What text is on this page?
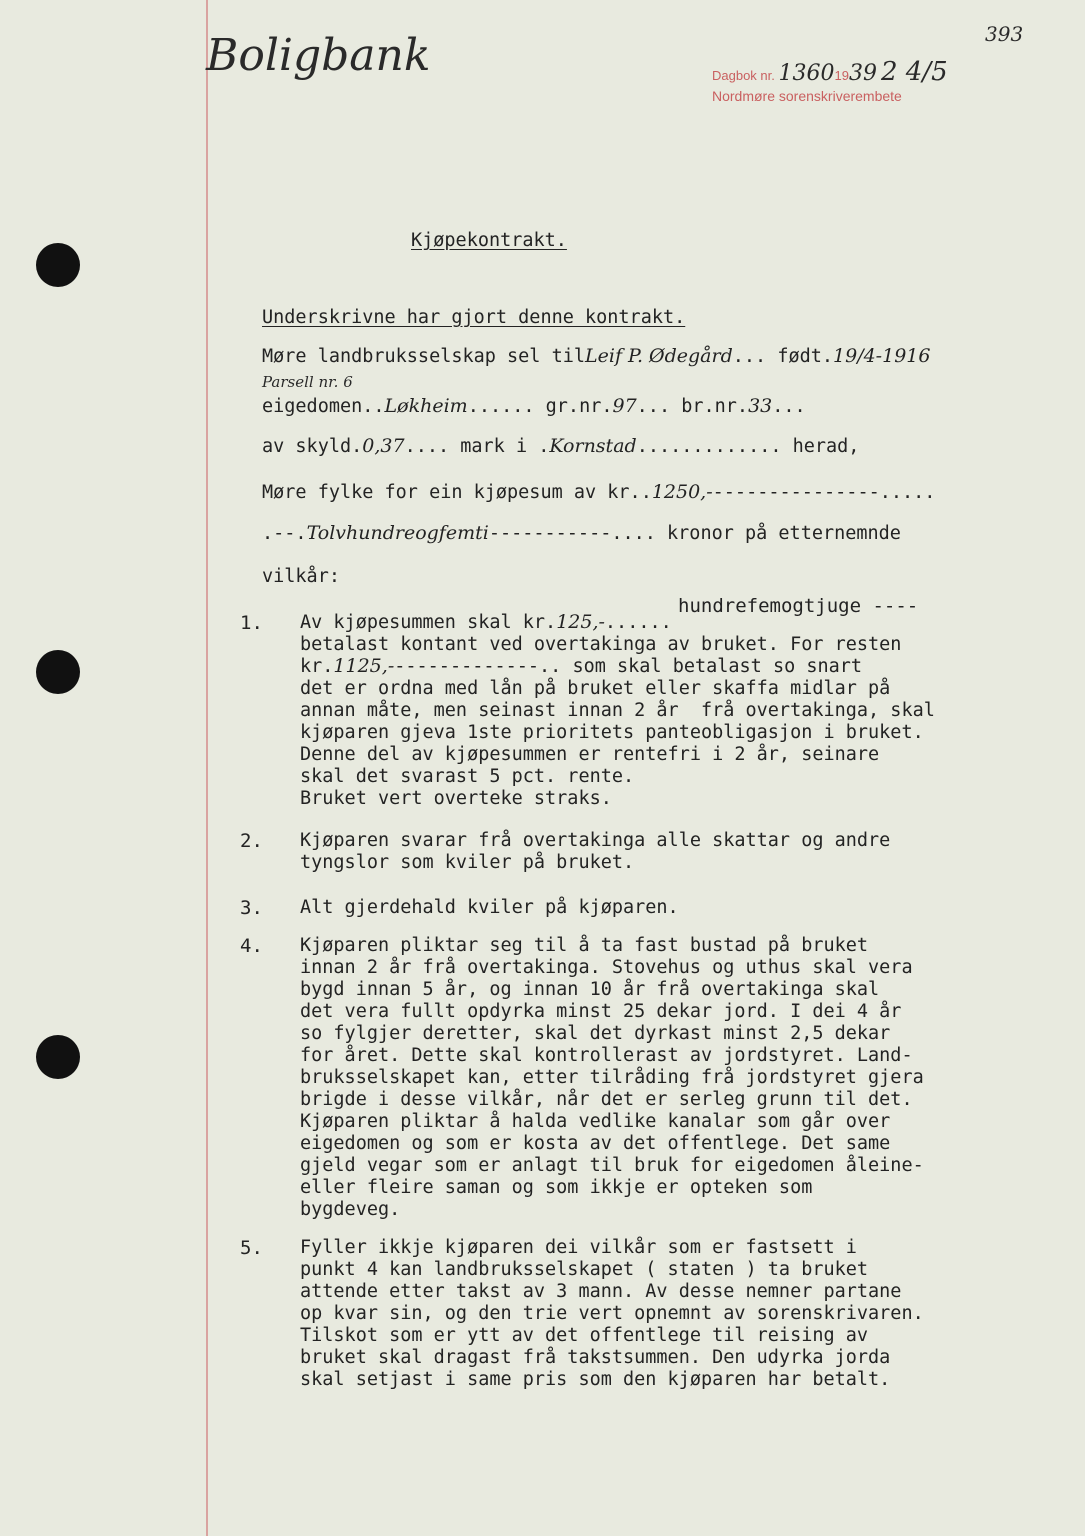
Boligbank	393
Dagbok nr. 13601939 2 4/5
Nordmøre sorenskriverembete
Kjøpekontrakt.
Underskrivne har gjort denne kontrakt.
Møre landbruksselskap sel tilLeif P. Ødegård... født.19/4-1916
Parsell nr. 6
eigedomen..Løkheim...... gr.nr.97... br.nr.33...
av skyld.0,37.... mark i .Kornstad............. herad,
Møre fylke for ein kjøpesum av kr..1250,----------------.....
.--.Tolvhundreogfemti-----------.... kronor på etternemnde
vilkår:
1.
2.
3.
4.
5.
Av kjøpesummen skal kr.125,-......
hundrefemogtjuge ----
betalast kontant ved overtakinga av bruket. For resten
kr.1125,--------------.. som skal betalast so snart
det er ordna med lån på bruket eller skaffa midlar på
annan måte, men seinast innan 2 år  frå overtakinga, skal
kjøparen gjeva 1ste prioritets panteobligasjon i bruket.
Denne del av kjøpesummen er rentefri i 2 år, seinare
skal det svarast 5 pct. rente.
Bruket vert overteke straks.
Kjøparen svarar frå overtakinga alle skattar og andre
tyngslor som kviler på bruket.
Alt gjerdehald kviler på kjøparen.
Kjøparen pliktar seg til å ta fast bustad på bruket
innan 2 år frå overtakinga. Stovehus og uthus skal vera
bygd innan 5 år, og innan 10 år frå overtakinga skal
det vera fullt opdyrka minst 25 dekar jord. I dei 4 år
so fylgjer deretter, skal det dyrkast minst 2,5 dekar
for året. Dette skal kontrollerast av jordstyret. Land-
bruksselskapet kan, etter tilråding frå jordstyret gjera
brigde i desse vilkår, når det er serleg grunn til det.
Kjøparen pliktar å halda vedlike kanalar som går over
eigedomen og som er kosta av det offentlege. Det same
gjeld vegar som er anlagt til bruk for eigedomen åleine-
eller fleire saman og som ikkje er opteken som
bygdeveg.
Fyller ikkje kjøparen dei vilkår som er fastsett i
punkt 4 kan landbruksselskapet ( staten ) ta bruket
attende etter takst av 3 mann. Av desse nemner partane
op kvar sin, og den trie vert opnemnt av sorenskrivaren.
Tilskot som er ytt av det offentlege til reising av
bruket skal dragast frå takstsummen. Den udyrka jorda
skal setjast i same pris som den kjøparen har betalt.
